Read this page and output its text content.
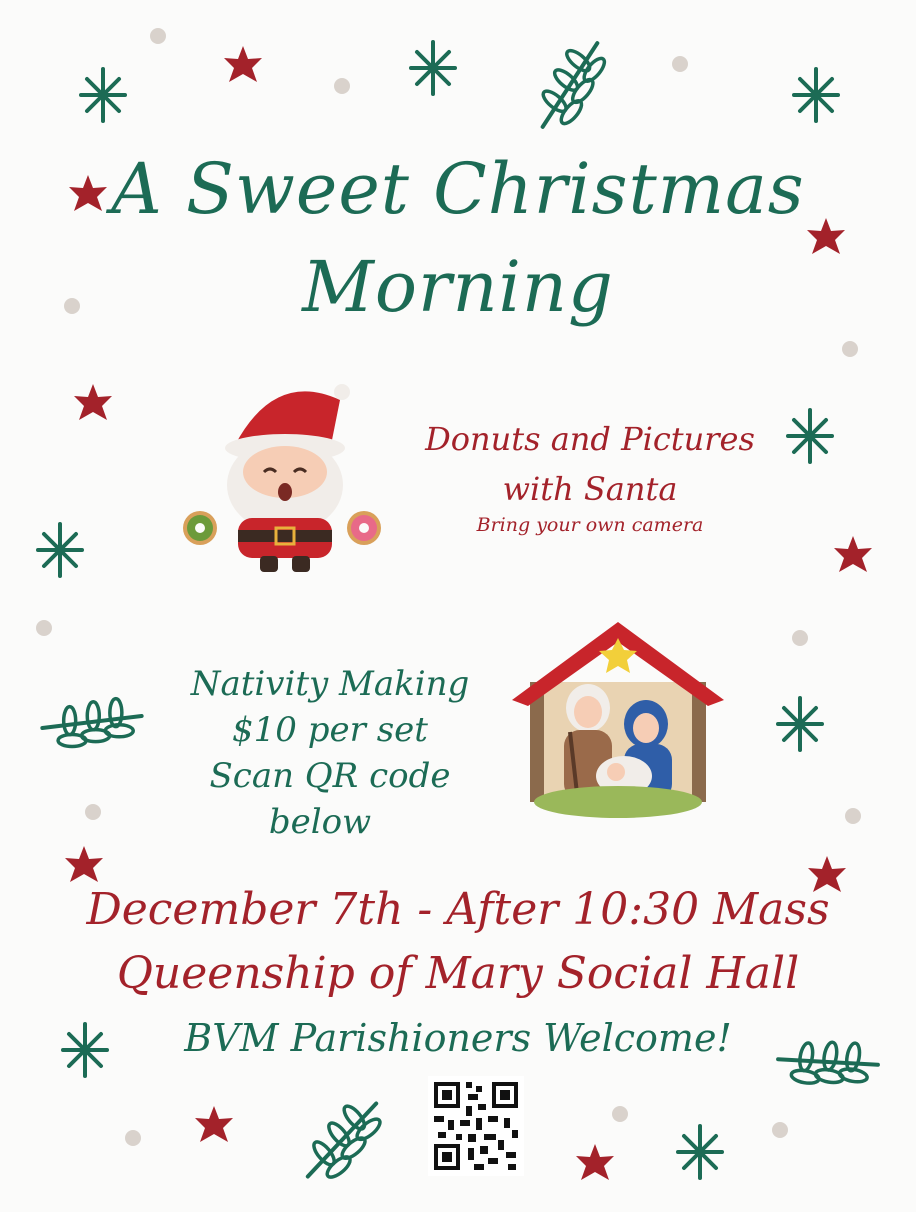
A Sweet Christmas

Morning

Donuts and Pictures

with Santa

Bring your own camera

Nativity Making

$10 per set

Scan QR code

below

December 7th - After 10:30 Mass

Queenship of Mary Social Hall

BVM Parishioners Welcome!
